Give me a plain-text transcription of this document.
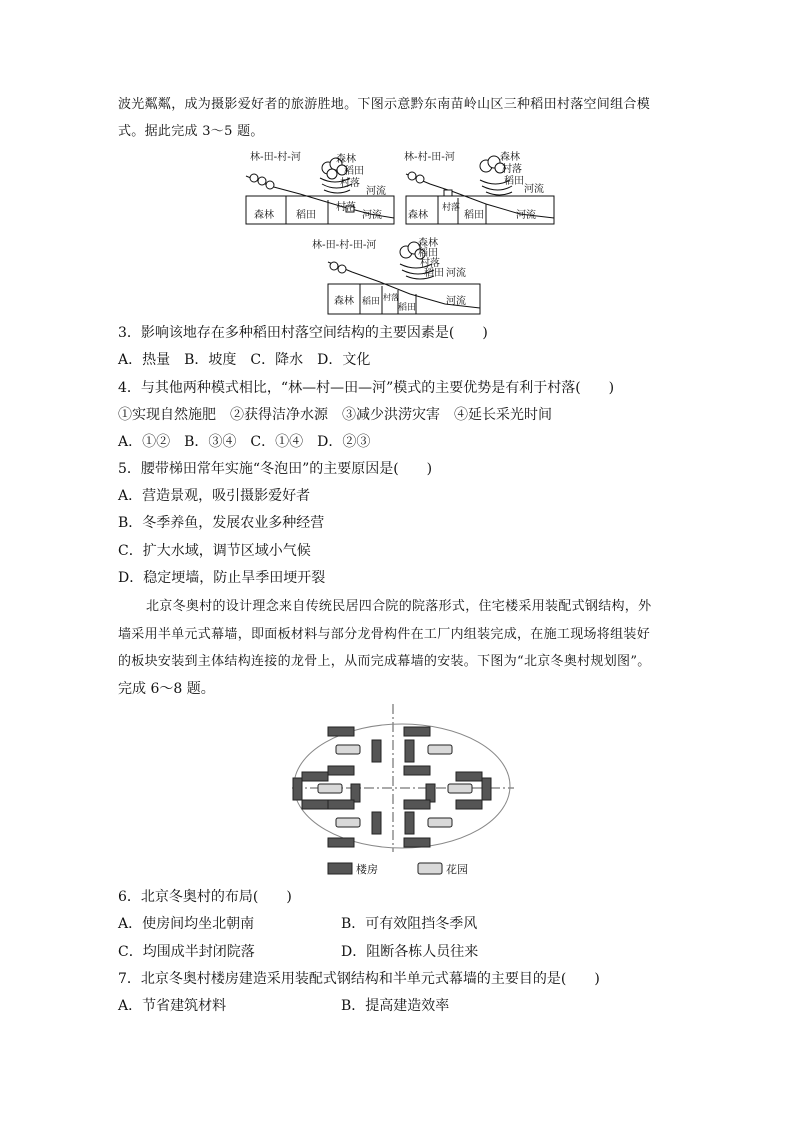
波光粼粼，成为摄影爱好者的旅游胜地。下图示意黔东南苗岭山区三种稻田村落空间组合模
式。据此完成 3～5 题。
林-田-村-河	森林
稻田
村落
河流
村落
森林 稻田	河流
林-村-田-河	森林
村落
稻田
河流
森林
村落
稻田	河流
林-田-村-田-河	森林
稻田
村落
稻田 河流
森林 稻田 村落
稻田
河流
3．影响该地存在多种稻田村落空间结构的主要因素是(　　)
A．热量　B．坡度　C．降水　D．文化
4．与其他两种模式相比，“林—村—田—河”模式的主要优势是有利于村落(　　)
①实现自然施肥　②获得洁净水源　③减少洪涝灾害　④延长采光时间
A．①②　B．③④　C．①④　D．②③
5．腰带梯田常年实施“冬泡田”的主要原因是(　　)
A．营造景观，吸引摄影爱好者
B．冬季养鱼，发展农业多种经营
C．扩大水域，调节区域小气候
D．稳定埂墙，防止旱季田埂开裂
北京冬奥村的设计理念来自传统民居四合院的院落形式，住宅楼采用装配式钢结构，外
墙采用半单元式幕墙，即面板材料与部分龙骨构件在工厂内组装完成，在施工现场将组装好
的板块安装到主体结构连接的龙骨上，从而完成幕墙的安装。下图为“北京冬奥村规划图”。
完成 6～8 题。
楼房	花园
6．北京冬奥村的布局(　　)
A．使房间均坐北朝南	B．可有效阻挡冬季风
C．均围成半封闭院落	D．阻断各栋人员往来
7．北京冬奥村楼房建造采用装配式钢结构和半单元式幕墙的主要目的是(　　)
A．节省建筑材料	B．提高建造效率
